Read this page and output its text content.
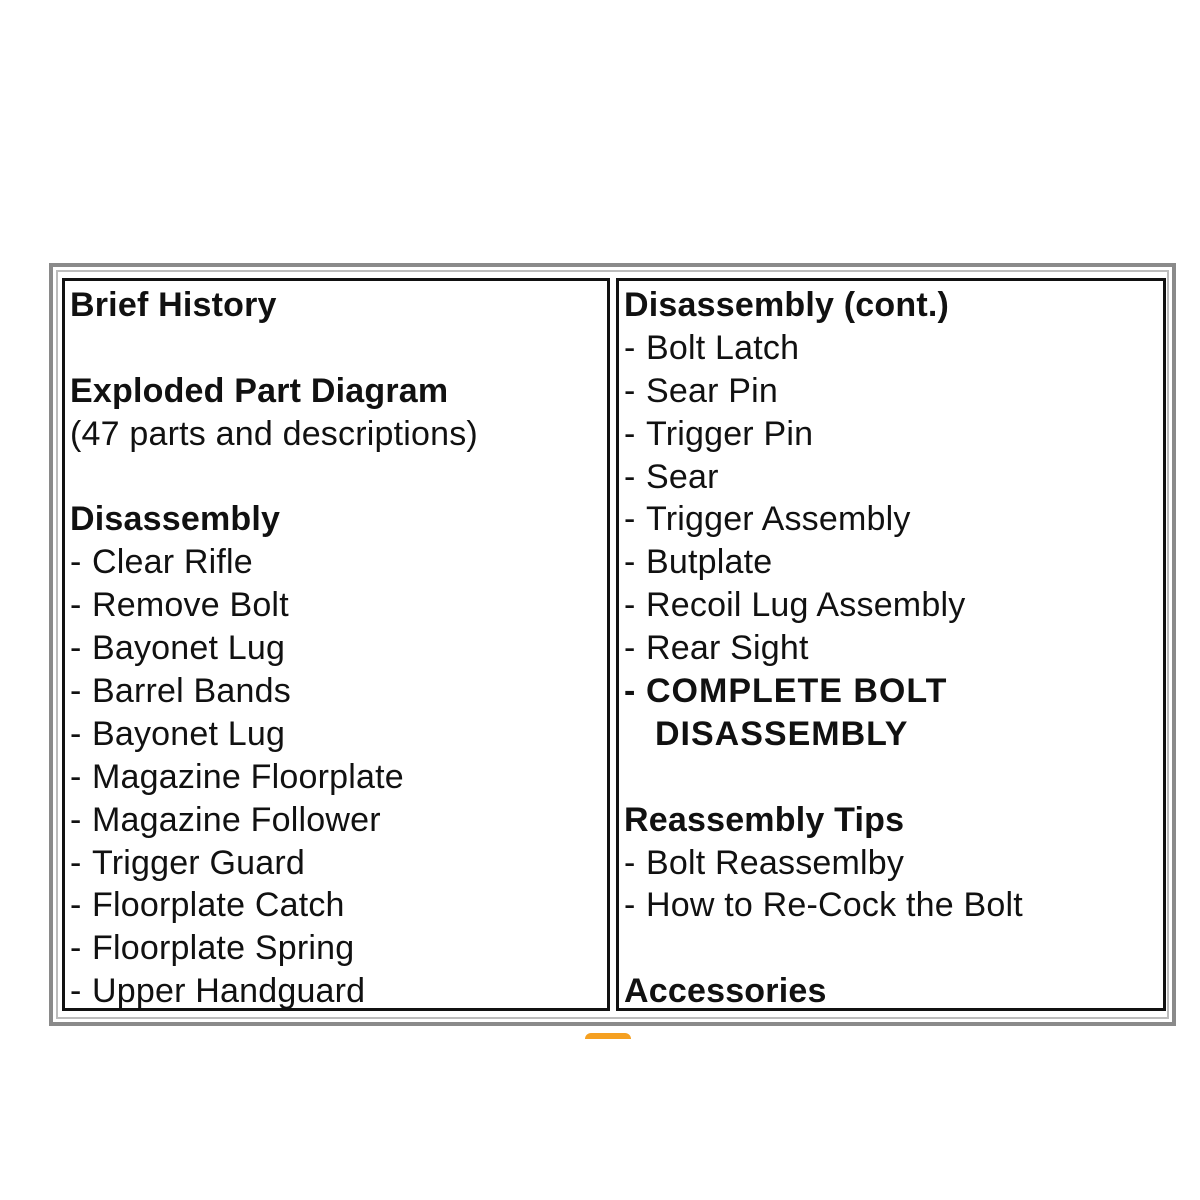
Brief History
Exploded Part Diagram
(47 parts and descriptions)
Disassembly
- Clear Rifle
- Remove Bolt
- Bayonet Lug
- Barrel Bands
- Bayonet Lug
- Magazine Floorplate
- Magazine Follower
- Trigger Guard
- Floorplate Catch
- Floorplate Spring
- Upper Handguard
Disassembly (cont.)
- Bolt Latch
- Sear Pin
- Trigger Pin
- Sear
- Trigger Assembly
- Butplate
- Recoil Lug Assembly
- Rear Sight
- COMPLETE BOLT
DISASSEMBLY
Reassembly Tips
- Bolt Reassemlby
- How to Re-Cock the Bolt
Accessories
